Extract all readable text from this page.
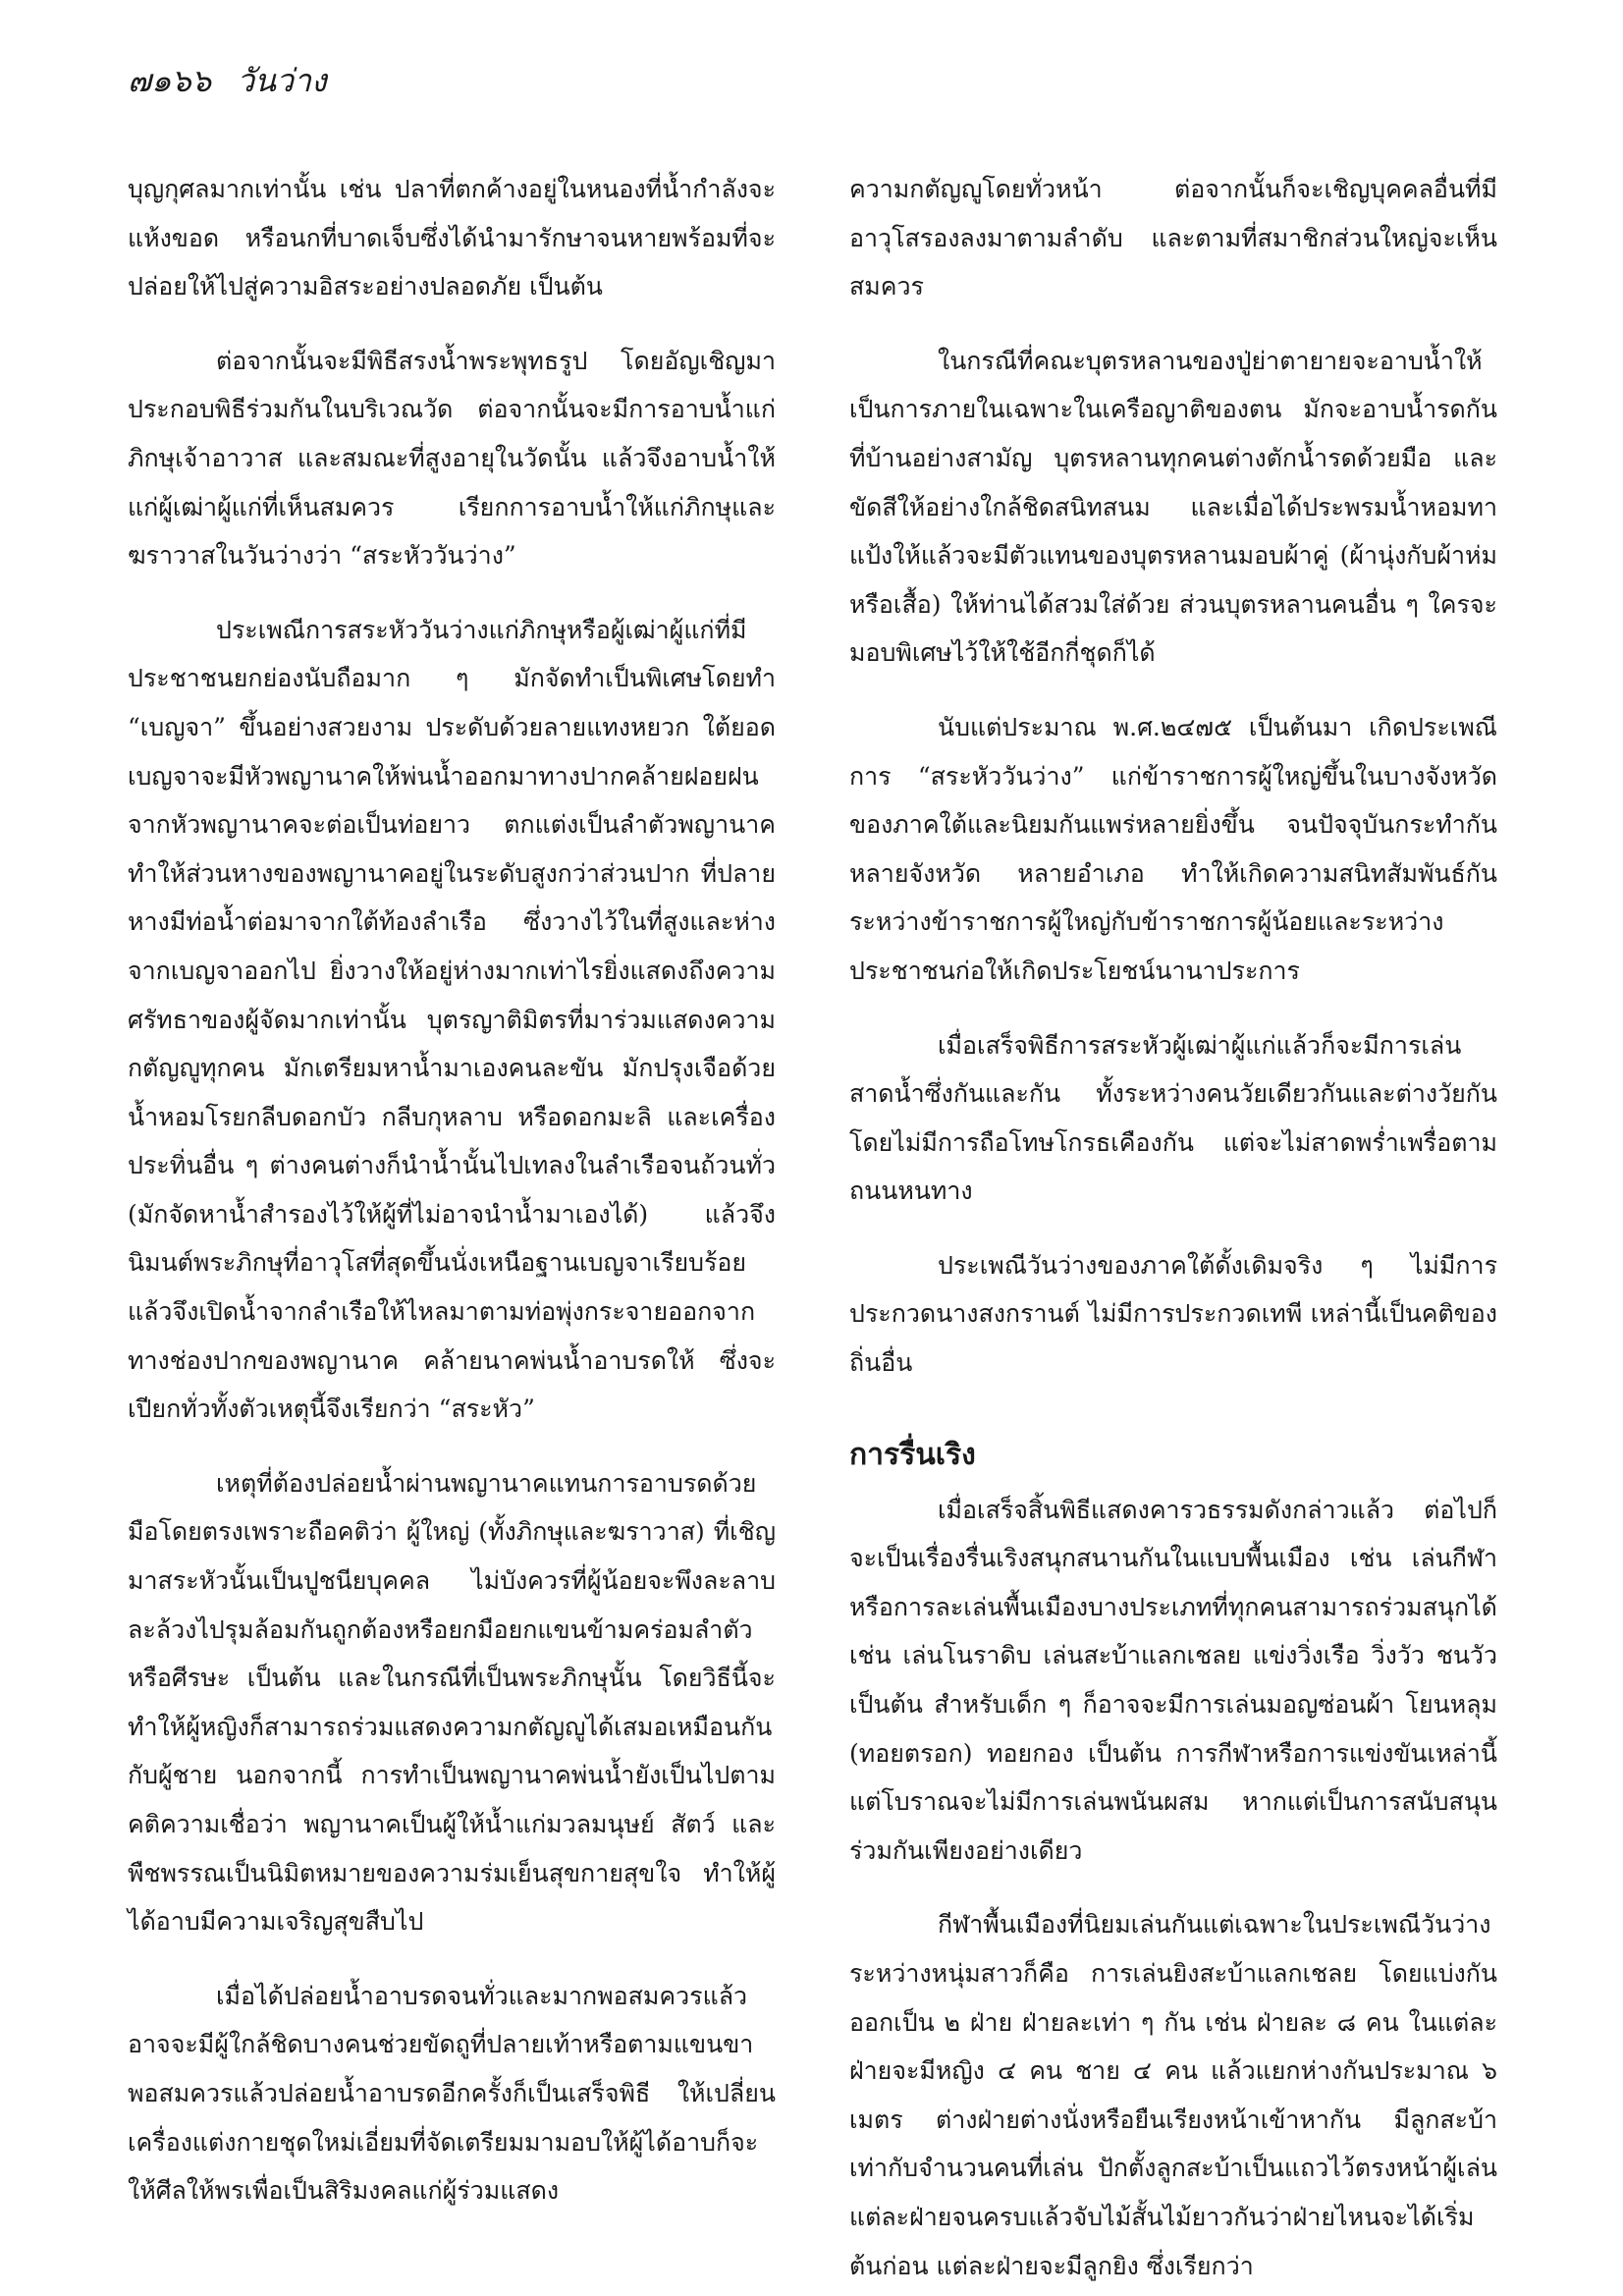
๗๑๖๖ วันว่าง

บุญกุศลมากเท่านั้น เช่น ปลาที่ตกค้างอยู่ในหนองที่น้ำกำลังจะแห้งขอด หรือนกที่บาดเจ็บซึ่งได้นำมารักษาจนหายพร้อมที่จะปล่อยให้ไปสู่ความอิสระอย่างปลอดภัย เป็นต้น

ต่อจากนั้นจะมีพิธีสรงน้ำพระพุทธรูป โดยอัญเชิญมาประกอบพิธีร่วมกันในบริเวณวัด ต่อจากนั้นจะมีการอาบน้ำแก่ภิกษุเจ้าอาวาส และสมณะที่สูงอายุในวัดนั้น แล้วจึงอาบน้ำให้แก่ผู้เฒ่าผู้แก่ที่เห็นสมควร เรียกการอาบน้ำให้แก่ภิกษุและฆราวาสในวันว่างว่า “สระหัววันว่าง”

ประเพณีการสระหัววันว่างแก่ภิกษุหรือผู้เฒ่าผู้แก่ที่มีประชาชนยกย่องนับถือมาก ๆ มักจัดทำเป็นพิเศษโดยทำ “เบญจา” ขึ้นอย่างสวยงาม ประดับด้วยลายแทงหยวก ใต้ยอดเบญจาจะมีหัวพญานาคให้พ่นน้ำออกมาทางปากคล้ายฝอยฝน จากหัวพญานาคจะต่อเป็นท่อยาว ตกแต่งเป็นลำตัวพญานาค ทำให้ส่วนหางของพญานาคอยู่ในระดับสูงกว่าส่วนปาก ที่ปลายหางมีท่อน้ำต่อมาจากใต้ท้องลำเรือ ซึ่งวางไว้ในที่สูงและห่างจากเบญจาออกไป ยิ่งวางให้อยู่ห่างมากเท่าไรยิ่งแสดงถึงความศรัทธาของผู้จัดมากเท่านั้น บุตรญาติมิตรที่มาร่วมแสดงความกตัญญูทุกคน มักเตรียมหาน้ำมาเองคนละขัน มักปรุงเจือด้วยน้ำหอมโรยกลีบดอกบัว กลีบกุหลาบ หรือดอกมะลิ และเครื่องประทิ่นอื่น ๆ ต่างคนต่างก็นำน้ำนั้นไปเทลงในลำเรือจนถ้วนทั่ว (มักจัดหาน้ำสำรองไว้ให้ผู้ที่ไม่อาจนำน้ำมาเองได้) แล้วจึงนิมนต์พระภิกษุที่อาวุโสที่สุดขึ้นนั่งเหนือฐานเบญจาเรียบร้อย แล้วจึงเปิดน้ำจากลำเรือให้ไหลมาตามท่อพุ่งกระจายออกจากทางช่องปากของพญานาค คล้ายนาคพ่นน้ำอาบรดให้ ซึ่งจะเปียกทั่วทั้งตัวเหตุนี้จึงเรียกว่า “สระหัว”

เหตุที่ต้องปล่อยน้ำผ่านพญานาคแทนการอาบรดด้วยมือโดยตรงเพราะถือคติว่า ผู้ใหญ่ (ทั้งภิกษุและฆราวาส) ที่เชิญมาสระหัวนั้นเป็นปูชนียบุคคล ไม่บังควรที่ผู้น้อยจะพึงละลาบละล้วงไปรุมล้อมกันถูกต้องหรือยกมือยกแขนข้ามคร่อมลำตัวหรือศีรษะ เป็นต้น และในกรณีที่เป็นพระภิกษุนั้น โดยวิธีนี้จะทำให้ผู้หญิงก็สามารถร่วมแสดงความกตัญญูได้เสมอเหมือนกันกับผู้ชาย นอกจากนี้ การทำเป็นพญานาคพ่นน้ำยังเป็นไปตามคติความเชื่อว่า พญานาคเป็นผู้ให้น้ำแก่มวลมนุษย์ สัตว์ และพืชพรรณเป็นนิมิตหมายของความร่มเย็นสุขกายสุขใจ ทำให้ผู้ได้อาบมีความเจริญสุขสืบไป

เมื่อได้ปล่อยน้ำอาบรดจนทั่วและมากพอสมควรแล้ว อาจจะมีผู้ใกล้ชิดบางคนช่วยขัดถูที่ปลายเท้าหรือตามแขนขาพอสมควรแล้วปล่อยน้ำอาบรดอีกครั้งก็เป็นเสร็จพิธี ให้เปลี่ยนเครื่องแต่งกายชุดใหม่เอี่ยมที่จัดเตรียมมามอบให้ผู้ได้อาบก็จะให้ศีลให้พรเพื่อเป็นสิริมงคลแก่ผู้ร่วมแสดง

ความกตัญญูโดยทั่วหน้า ต่อจากนั้นก็จะเชิญบุคคลอื่นที่มีอาวุโสรองลงมาตามลำดับ และตามที่สมาชิกส่วนใหญ่จะเห็นสมควร

ในกรณีที่คณะบุตรหลานของปู่ย่าตายายจะอาบน้ำให้เป็นการภายในเฉพาะในเครือญาติของตน มักจะอาบน้ำรดกันที่บ้านอย่างสามัญ บุตรหลานทุกคนต่างตักน้ำรดด้วยมือ และขัดสีให้อย่างใกล้ชิดสนิทสนม และเมื่อได้ประพรมน้ำหอมทาแป้งให้แล้วจะมีตัวแทนของบุตรหลานมอบผ้าคู่ (ผ้านุ่งกับผ้าห่มหรือเสื้อ) ให้ท่านได้สวมใส่ด้วย ส่วนบุตรหลานคนอื่น ๆ ใครจะมอบพิเศษไว้ให้ใช้อีกกี่ชุดก็ได้

นับแต่ประมาณ พ.ศ.๒๔๗๕ เป็นต้นมา เกิดประเพณีการ “สระหัววันว่าง” แก่ข้าราชการผู้ใหญ่ขึ้นในบางจังหวัดของภาคใต้และนิยมกันแพร่หลายยิ่งขึ้น จนปัจจุบันกระทำกันหลายจังหวัด หลายอำเภอ ทำให้เกิดความสนิทสัมพันธ์กันระหว่างข้าราชการผู้ใหญ่กับข้าราชการผู้น้อยและระหว่างประชาชนก่อให้เกิดประโยชน์นานาประการ

เมื่อเสร็จพิธีการสระหัวผู้เฒ่าผู้แก่แล้วก็จะมีการเล่นสาดน้ำซึ่งกันและกัน ทั้งระหว่างคนวัยเดียวกันและต่างวัยกัน โดยไม่มีการถือโทษโกรธเคืองกัน แต่จะไม่สาดพร่ำเพรื่อตามถนนหนทาง

ประเพณีวันว่างของภาคใต้ดั้งเดิมจริง ๆ ไม่มีการประกวดนางสงกรานต์ ไม่มีการประกวดเทพี เหล่านี้เป็นคติของถิ่นอื่น

การรื่นเริง

เมื่อเสร็จสิ้นพิธีแสดงคารวธรรมดังกล่าวแล้ว ต่อไปก็จะเป็นเรื่องรื่นเริงสนุกสนานกันในแบบพื้นเมือง เช่น เล่นกีฬาหรือการละเล่นพื้นเมืองบางประเภทที่ทุกคนสามารถร่วมสนุกได้ เช่น เล่นโนราดิบ เล่นสะบ้าแลกเชลย แข่งวิ่งเรือ วิ่งวัว ชนวัว เป็นต้น สำหรับเด็ก ๆ ก็อาจจะมีการเล่นมอญซ่อนผ้า โยนหลุม (ทอยตรอก) ทอยกอง เป็นต้น การกีฬาหรือการแข่งขันเหล่านี้แต่โบราณจะไม่มีการเล่นพนันผสม หากแต่เป็นการสนับสนุนร่วมกันเพียงอย่างเดียว

กีฬาพื้นเมืองที่นิยมเล่นกันแต่เฉพาะในประเพณีวันว่างระหว่างหนุ่มสาวก็คือ การเล่นยิงสะบ้าแลกเชลย โดยแบ่งกันออกเป็น ๒ ฝ่าย ฝ่ายละเท่า ๆ กัน เช่น ฝ่ายละ ๘ คน ในแต่ละฝ่ายจะมีหญิง ๔ คน ชาย ๔ คน แล้วแยกห่างกันประมาณ ๖ เมตร ต่างฝ่ายต่างนั่งหรือยืนเรียงหน้าเข้าหากัน มีลูกสะบ้าเท่ากับจำนวนคนที่เล่น ปักตั้งลูกสะบ้าเป็นแถวไว้ตรงหน้าผู้เล่นแต่ละฝ่ายจนครบแล้วจับไม้สั้นไม้ยาวกันว่าฝ่ายไหนจะได้เริ่มต้นก่อน แต่ละฝ่ายจะมีลูกยิง ซึ่งเรียกว่า
